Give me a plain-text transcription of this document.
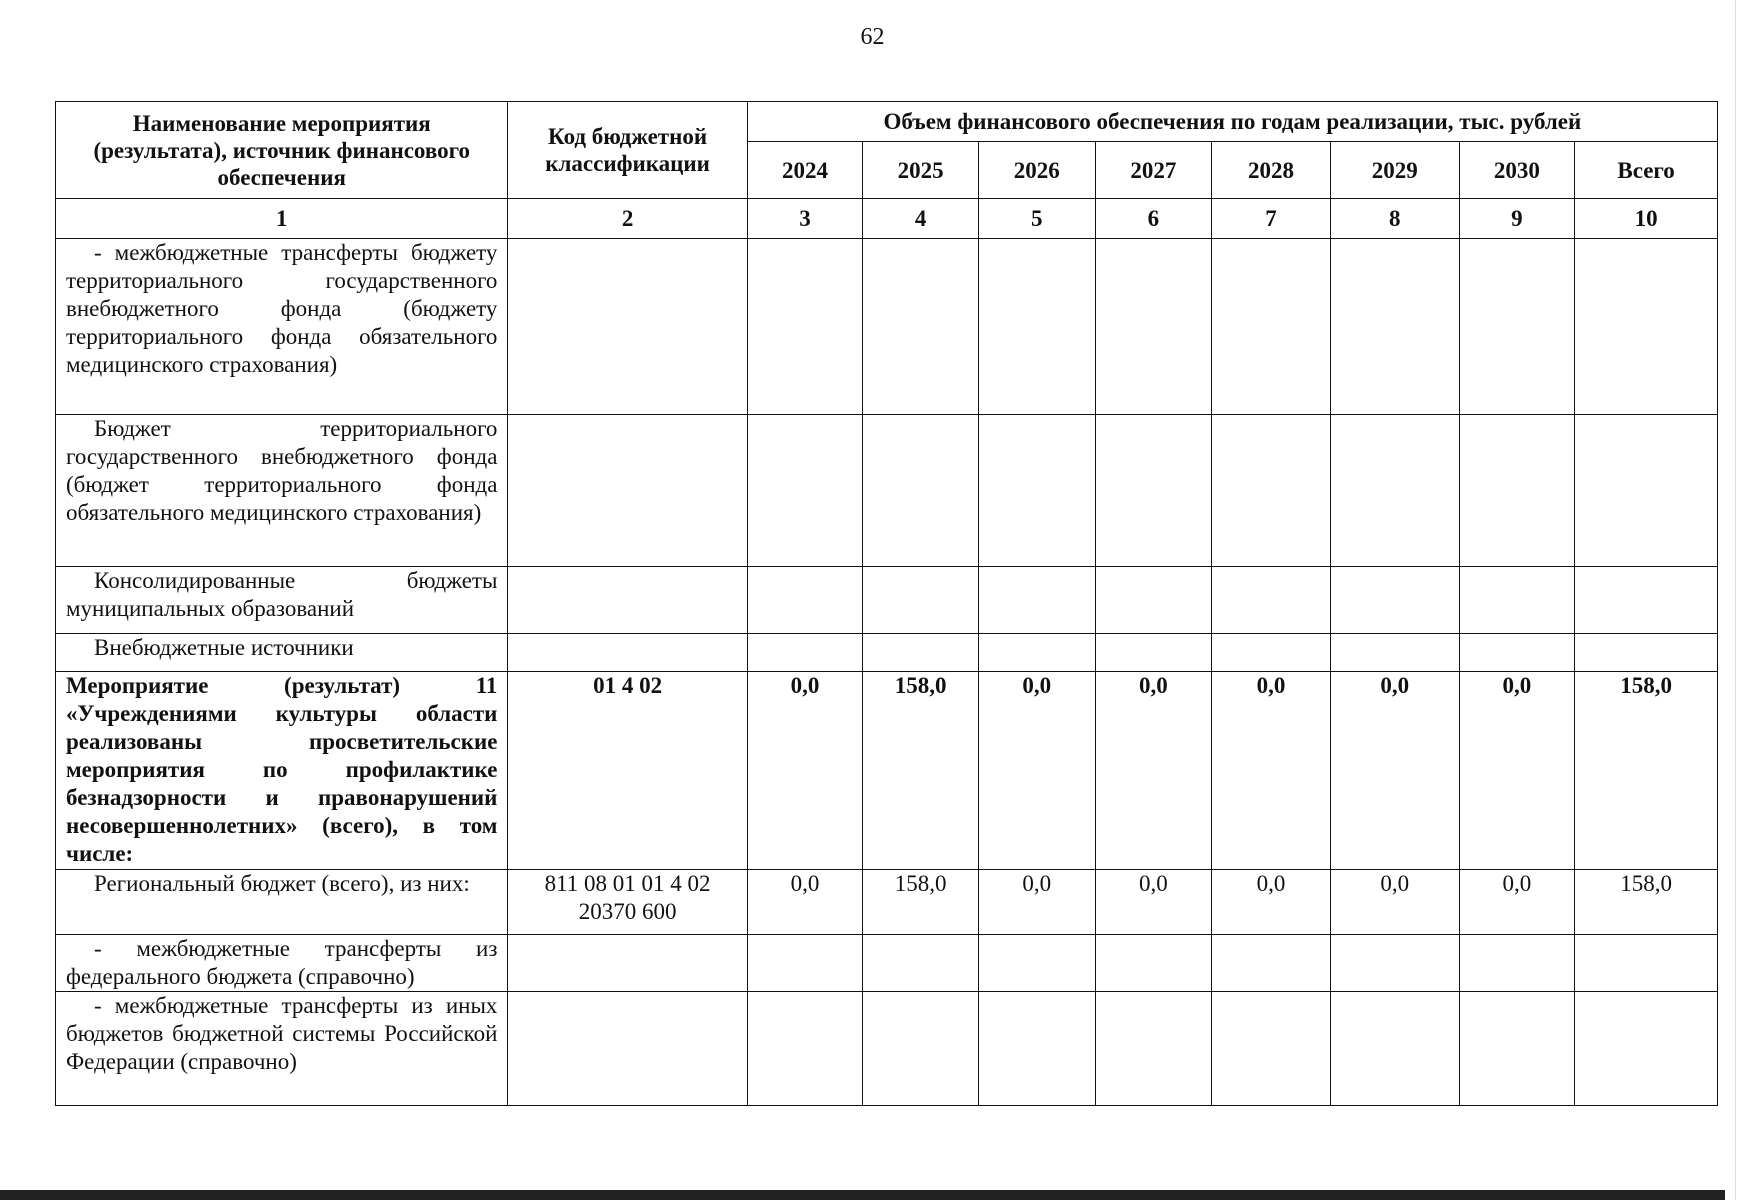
62
Наименование мероприятия (результата), источник финансового обеспечения	Код бюджетной классификации	Объем финансового обеспечения по годам реализации, тыс. рублей							
		2024	2025	2026	2027	2028	2029	2030	Всего
1	2	3	4	5	6	7	8	9	10
- межбюджетные трансферты бюджету территориального государственного внебюджетного фонда (бюджету территориального фонда обязательного медицинского страхования)									
Бюджет территориального государственного внебюджетного фонда (бюджет территориального фонда обязательного медицинского страхования)									
Консолидированные бюджеты муниципальных образований									
Внебюджетные источники									
Мероприятие (результат) 11 «Учреждениями культуры области реализованы просветительские мероприятия по профилактике безнадзорности и правонарушений несовершеннолетних» (всего), в том числе:	01 4 02	0,0	158,0	0,0	0,0	0,0	0,0	0,0	158,0
Региональный бюджет (всего), из них:	811 08 01 01 4 02 20370 600	0,0	158,0	0,0	0,0	0,0	0,0	0,0	158,0
- межбюджетные трансферты из федерального бюджета (справочно)									
- межбюджетные трансферты из иных бюджетов бюджетной системы Российской Федерации (справочно)									
